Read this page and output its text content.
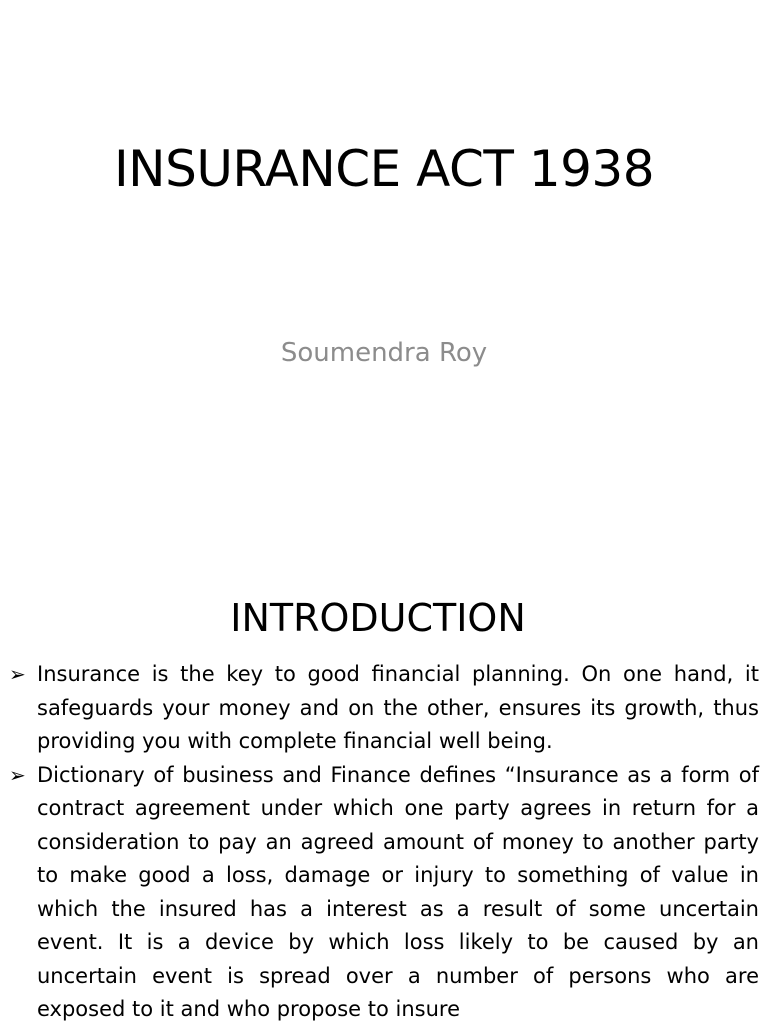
INSURANCE ACT 1938
Soumendra Roy
INTRODUCTION
➢ Insurance is the key to good financial planning. On one hand, it safeguards your money and on the other, ensures its growth, thus providing you with complete financial well being.
➢ Dictionary of business and Finance defines “Insurance as a form of contract agreement under which one party agrees in return for a consideration to pay an agreed amount of money to another party to make good a loss, damage or injury to something of value in which the insured has a interest as a result of some uncertain event. It is a device by which loss likely to be caused by an uncertain event is spread over a number of persons who are exposed to it and who propose to insure
